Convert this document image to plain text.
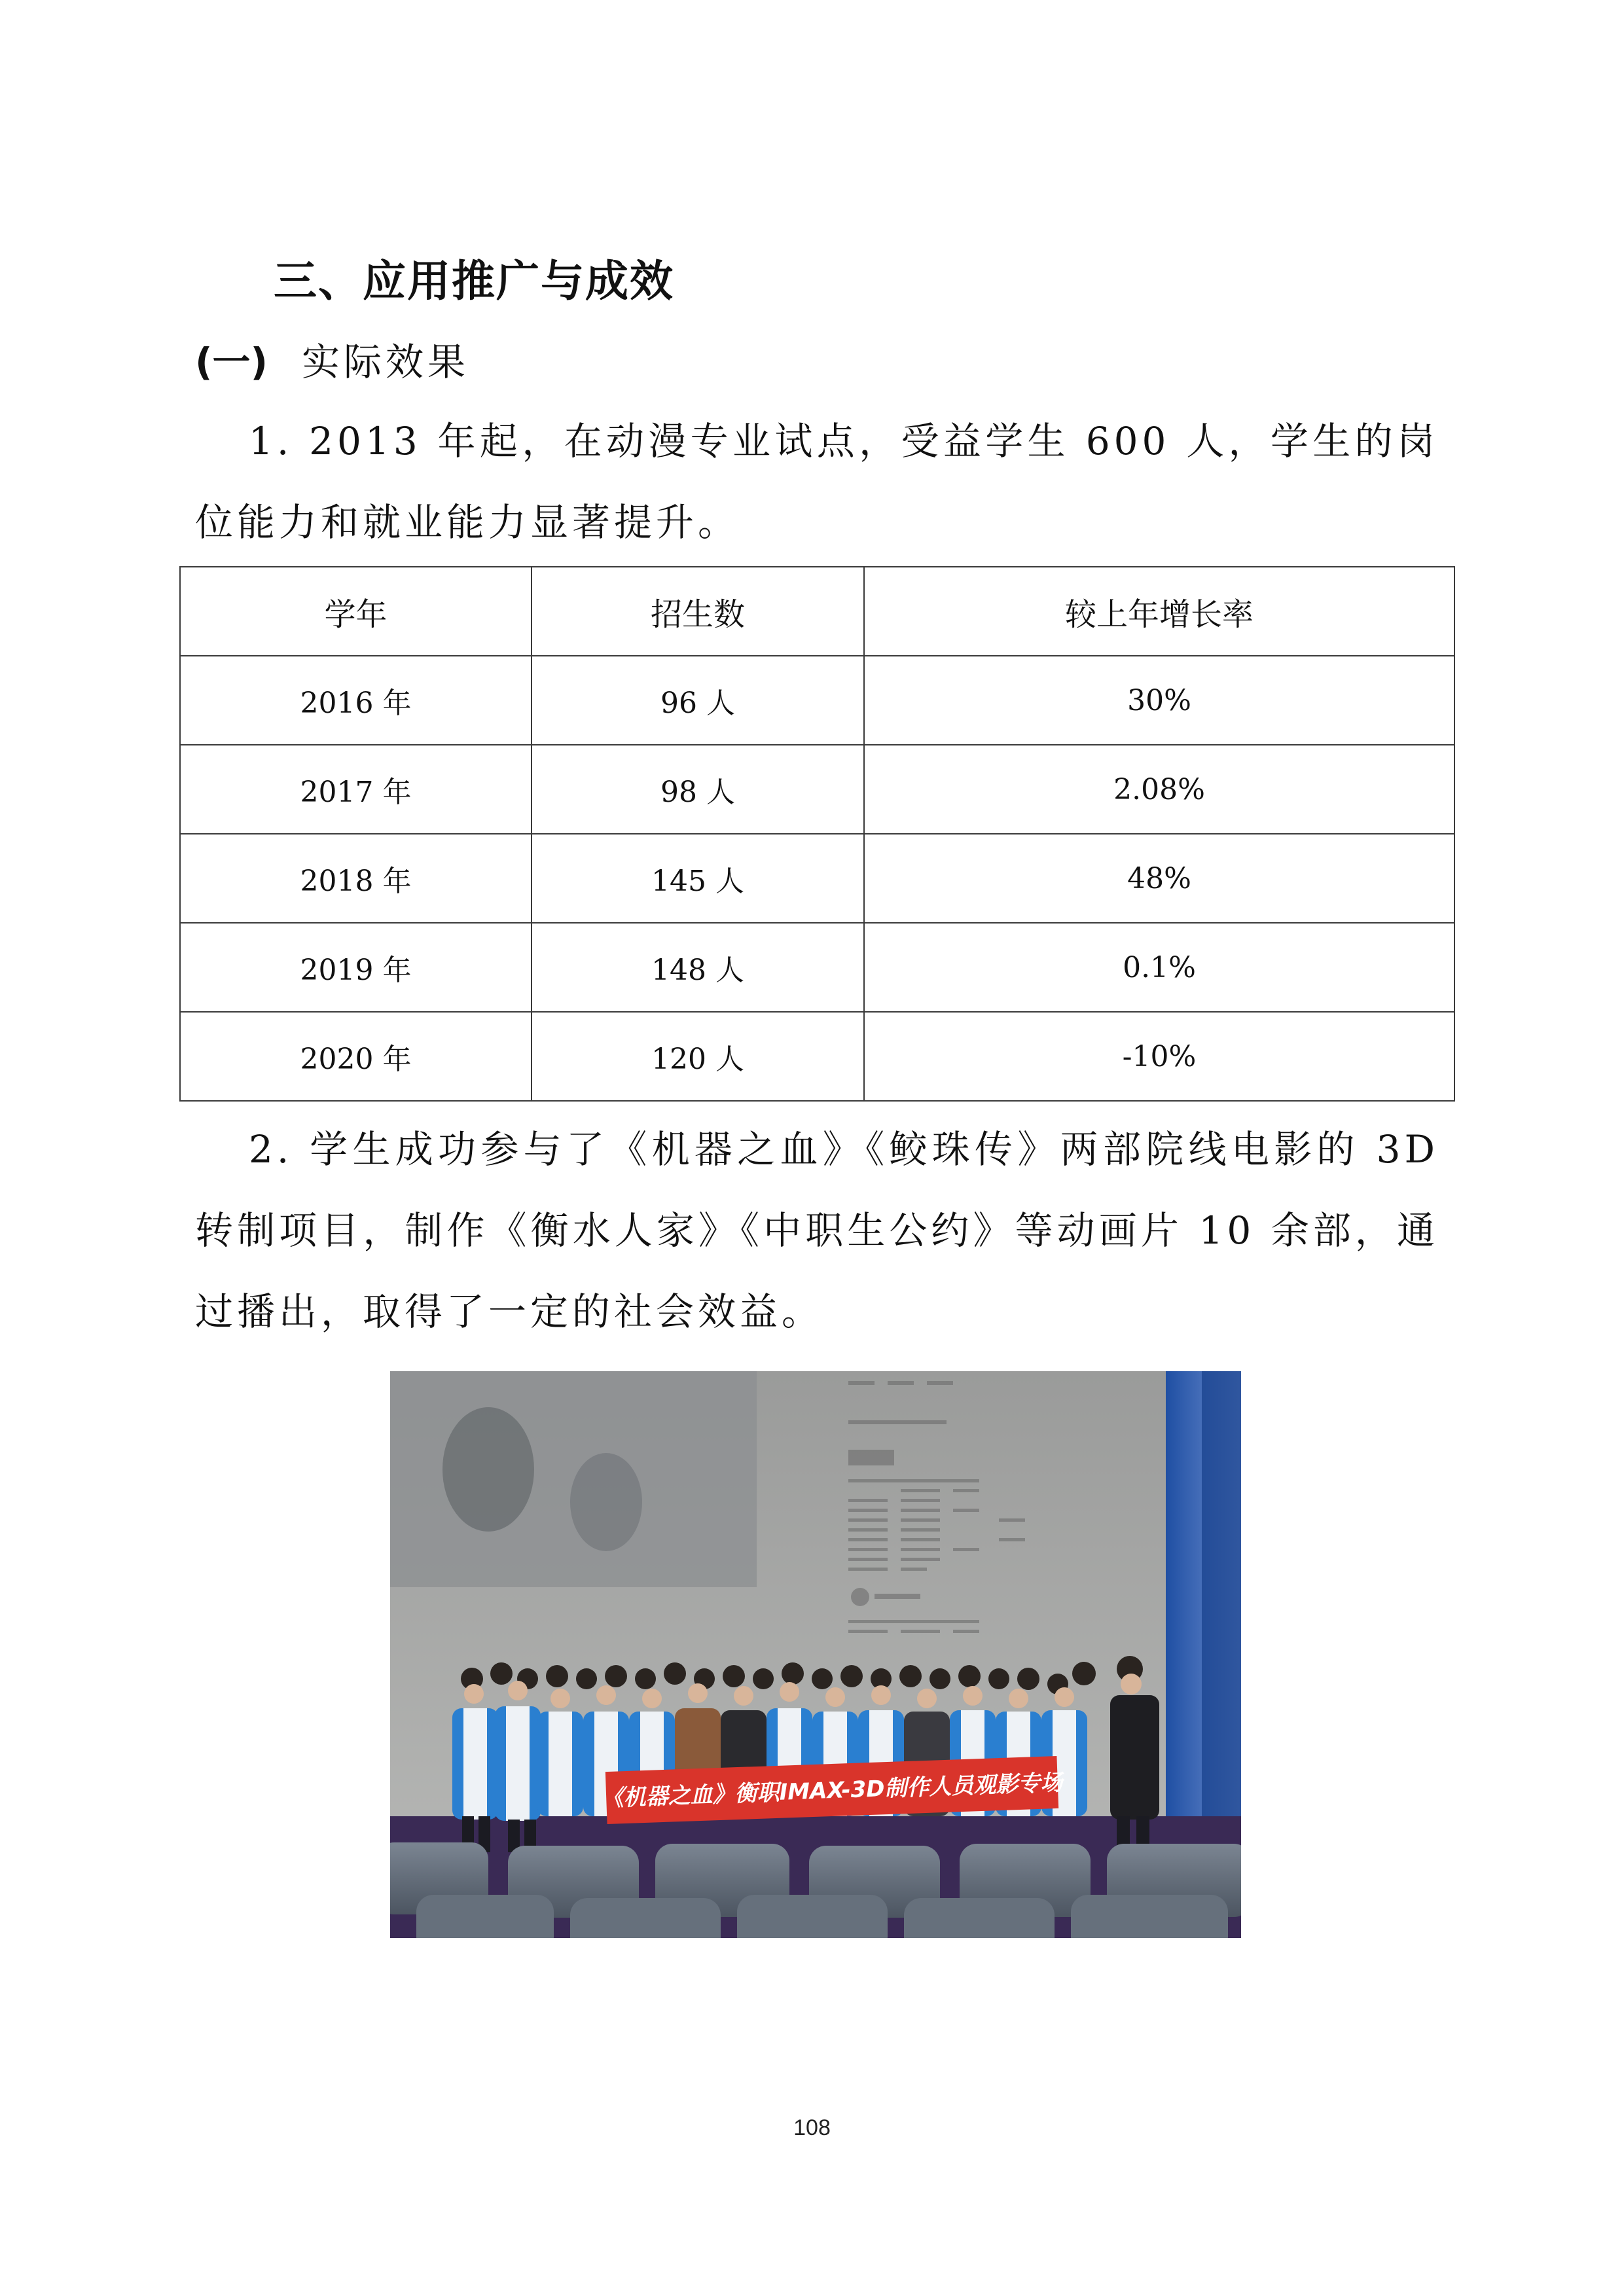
三、应用推广与成效
(一) 实际效果

1. 2013 年起，在动漫专业试点，受益学生 600 人，学生的岗位能力和就业能力显著提升。

学年	招生数	较上年增长率
2016 年	96 人	30%
2017 年	98 人	2.08%
2018 年	145 人	48%
2019 年	148 人	0.1%
2020 年	120 人	-10%

2. 学生成功参与了《机器之血》《鲛珠传》两部院线电影的 3D 转制项目，制作《衡水人家》《中职生公约》等动画片 10 余部，通过播出，取得了一定的社会效益。

《机器之血》衡职IMAX-3D制作人员观影专场
108
